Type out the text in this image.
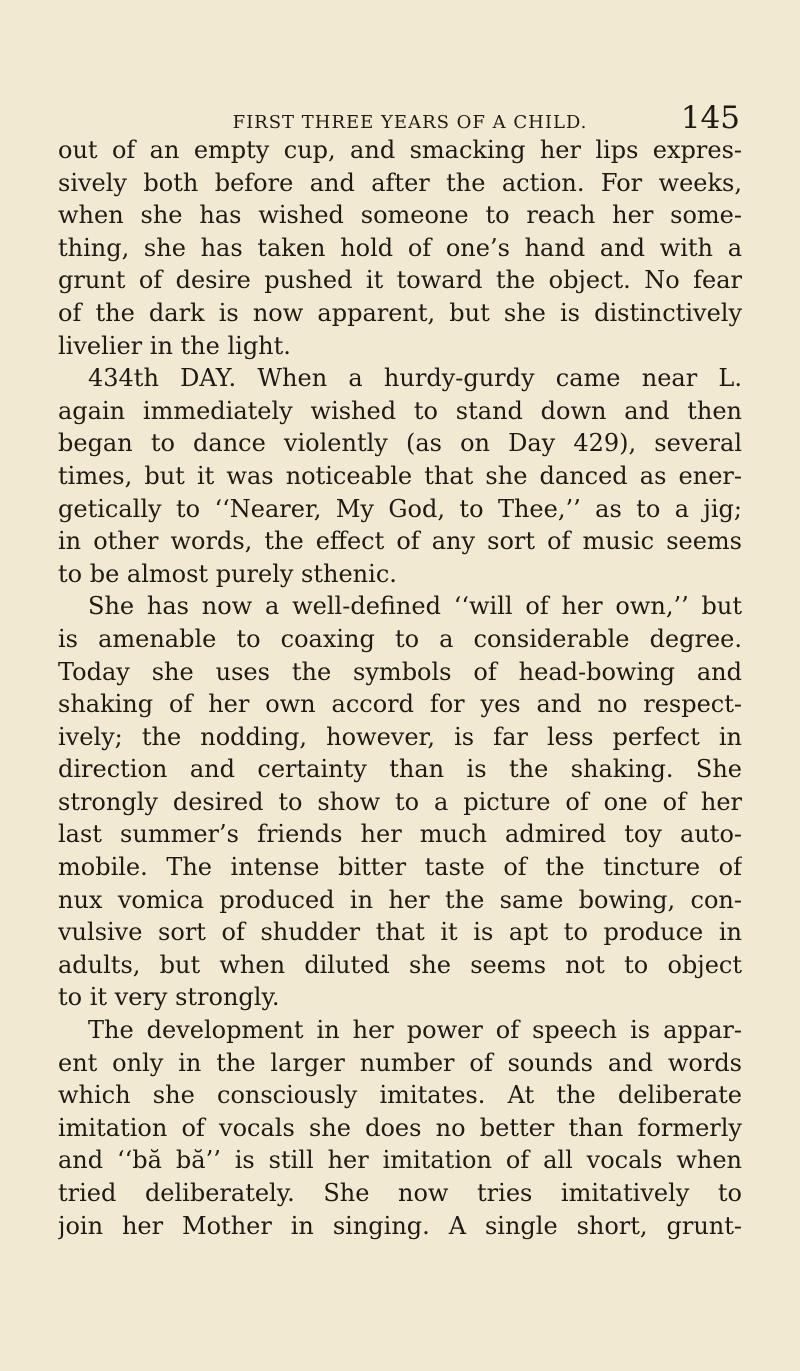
FIRST THREE YEARS OF A CHILD.	145
out of an empty cup, and smacking her lips expres-
sively both before and after the action. For weeks,
when she has wished someone to reach her some-
thing, she has taken hold of one’s hand and with a
grunt of desire pushed it toward the object. No fear
of the dark is now apparent, but she is distinctively
livelier in the light.
434th DAY. When a hurdy-gurdy came near L.
again immediately wished to stand down and then
began to dance violently (as on Day 429), several
times, but it was noticeable that she danced as ener-
getically to ‘‘Nearer, My God, to Thee,’’ as to a jig;
in other words, the effect of any sort of music seems
to be almost purely sthenic.
She has now a well-defined ‘‘will of her own,’’ but
is amenable to coaxing to a considerable degree.
Today she uses the symbols of head-bowing and
shaking of her own accord for yes and no respect-
ively; the nodding, however, is far less perfect in
direction and certainty than is the shaking. She
strongly desired to show to a picture of one of her
last summer’s friends her much admired toy auto-
mobile. The intense bitter taste of the tincture of
nux vomica produced in her the same bowing, con-
vulsive sort of shudder that it is apt to produce in
adults, but when diluted she seems not to object
to it very strongly.
The development in her power of speech is appar-
ent only in the larger number of sounds and words
which she consciously imitates. At the deliberate
imitation of vocals she does no better than formerly
and ‘‘bă bă’’ is still her imitation of all vocals when
tried deliberately. She now tries imitatively to
join her Mother in singing. A single short, grunt-
